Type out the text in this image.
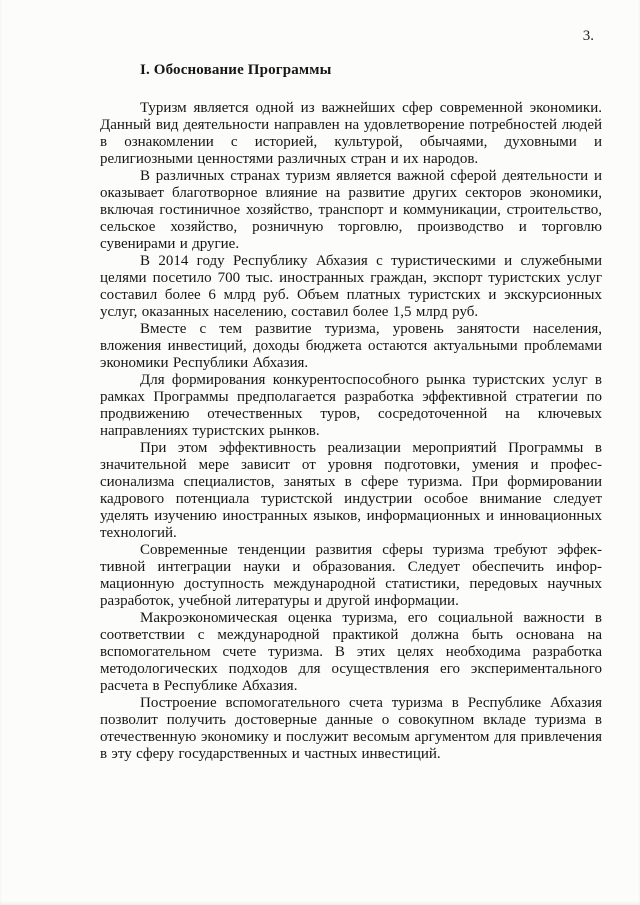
3.
I. Обоснование Программы

Туризм является одной из важнейших сфер современной экономики. Данный вид деятельности направлен на удовлетворение потребностей людей в ознакомлении с историей, культурой, обычаями, духовными и религиозными ценностями различных стран и их народов.

В различных странах туризм является важной сферой деятельности и оказывает благотворное влияние на развитие других секторов экономики, включая гостиничное хозяйство, транспорт и коммуникации, строительство, сельское хозяйство, розничную торговлю, производство и торговлю сувенирами и другие.

В 2014 году Республику Абхазия с туристическими и служебными целями посетило 700 тыс. иностранных граждан, экспорт туристских услуг составил более 6 млрд руб. Объем платных туристских и экскурсионных услуг, оказанных населению, составил более 1,5 млрд руб.

Вместе с тем развитие туризма, уровень занятости населения, вложения инвестиций, доходы бюджета остаются актуальными проблемами экономики Республики Абхазия.

Для формирования конкурентоспособного рынка туристских услуг в рамках Программы предполагается разработка эффективной стратегии по продвижению отечественных туров, сосредоточенной на ключевых направлениях туристских рынков.

При этом эффективность реализации мероприятий Программы в значительной мере зависит от уровня подготовки, умения и профессионализма специалистов, занятых в сфере туризма. При формировании кадрового потенциала туристской индустрии особое внимание следует уделять изучению иностранных языков, информационных и инновационных технологий.

Современные тенденции развития сферы туризма требуют эффективной интеграции науки и образования. Следует обеспечить информационную доступность международной статистики, передовых научных разработок, учебной литературы и другой информации.

Макроэкономическая оценка туризма, его социальной важности в соответствии с международной практикой должна быть основана на вспомогательном счете туризма. В этих целях необходима разработка методологических подходов для осуществления его экспериментального расчета в Республике Абхазия.

Построение вспомогательного счета туризма в Республике Абхазия позволит получить достоверные данные о совокупном вкладе туризма в отечественную экономику и послужит весомым аргументом для привлечения в эту сферу государственных и частных инвестиций.
